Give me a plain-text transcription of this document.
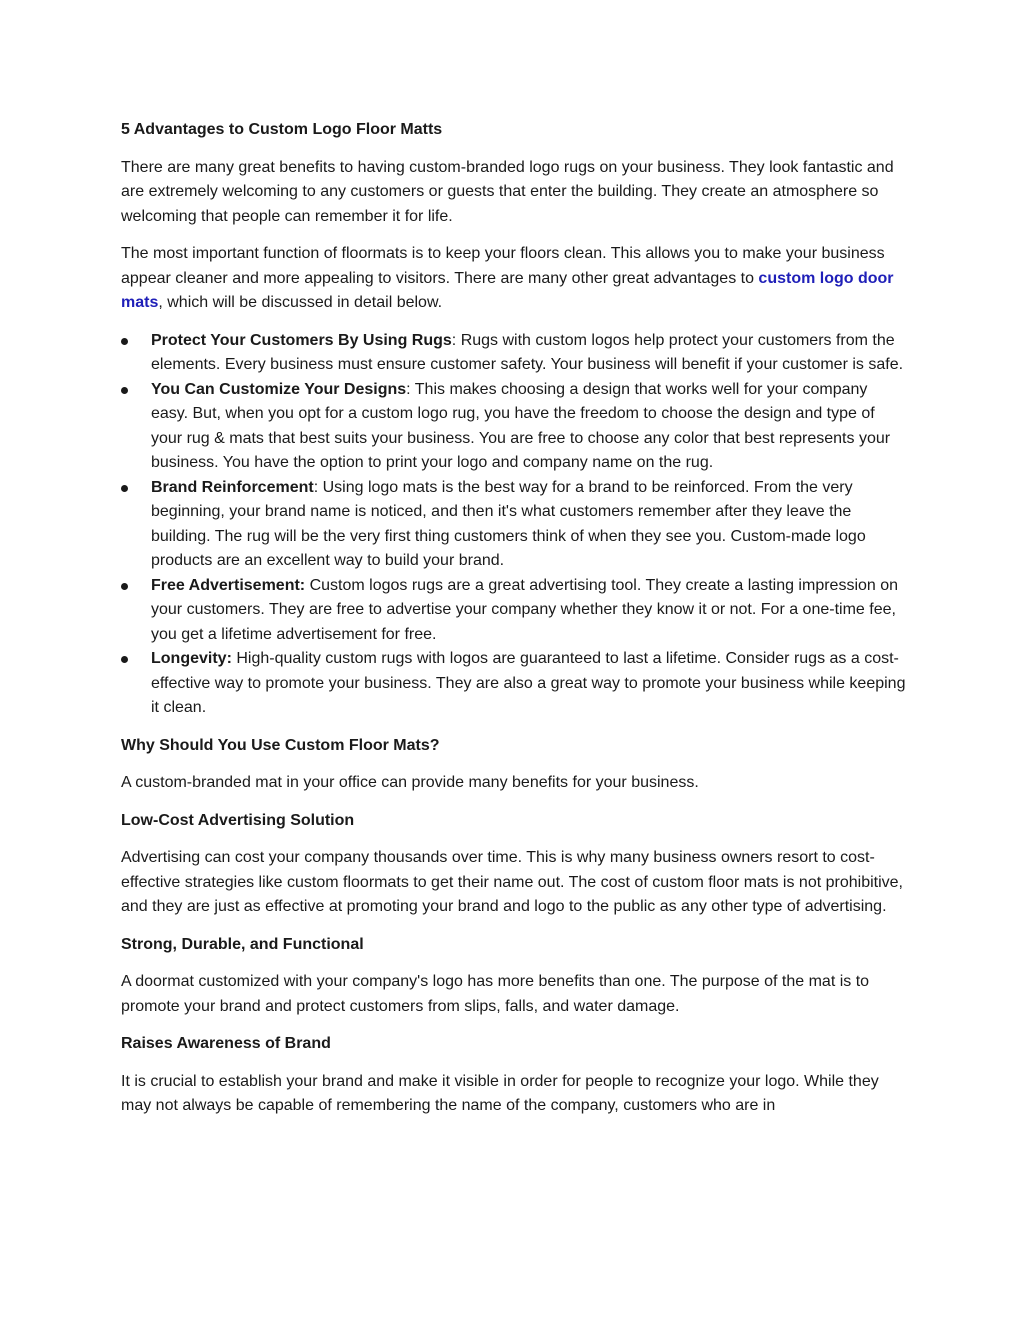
5 Advantages to Custom Logo Floor Matts

There are many great benefits to having custom-branded logo rugs on your business. They look fantastic and are extremely welcoming to any customers or guests that enter the building. They create an atmosphere so welcoming that people can remember it for life.

The most important function of floormats is to keep your floors clean. This allows you to make your business appear cleaner and more appealing to visitors. There are many other great advantages to custom logo door mats, which will be discussed in detail below.

Protect Your Customers By Using Rugs: Rugs with custom logos help protect your customers from the elements. Every business must ensure customer safety. Your business will benefit if your customer is safe.
You Can Customize Your Designs: This makes choosing a design that works well for your company easy. But, when you opt for a custom logo rug, you have the freedom to choose the design and type of your rug & mats that best suits your business. You are free to choose any color that best represents your business. You have the option to print your logo and company name on the rug.
Brand Reinforcement: Using logo mats is the best way for a brand to be reinforced. From the very beginning, your brand name is noticed, and then it's what customers remember after they leave the building. The rug will be the very first thing customers think of when they see you. Custom-made logo products are an excellent way to build your brand.
Free Advertisement: Custom logos rugs are a great advertising tool. They create a lasting impression on your customers. They are free to advertise your company whether they know it or not. For a one-time fee, you get a lifetime advertisement for free.
Longevity: High-quality custom rugs with logos are guaranteed to last a lifetime. Consider rugs as a cost-effective way to promote your business. They are also a great way to promote your business while keeping it clean.
Why Should You Use Custom Floor Mats?

A custom-branded mat in your office can provide many benefits for your business.

Low-Cost Advertising Solution

Advertising can cost your company thousands over time. This is why many business owners resort to cost-effective strategies like custom floormats to get their name out. The cost of custom floor mats is not prohibitive, and they are just as effective at promoting your brand and logo to the public as any other type of advertising.

Strong, Durable, and Functional

A doormat customized with your company's logo has more benefits than one. The purpose of the mat is to promote your brand and protect customers from slips, falls, and water damage.

Raises Awareness of Brand

It is crucial to establish your brand and make it visible in order for people to recognize your logo. While they may not always be capable of remembering the name of the company, customers who are in
